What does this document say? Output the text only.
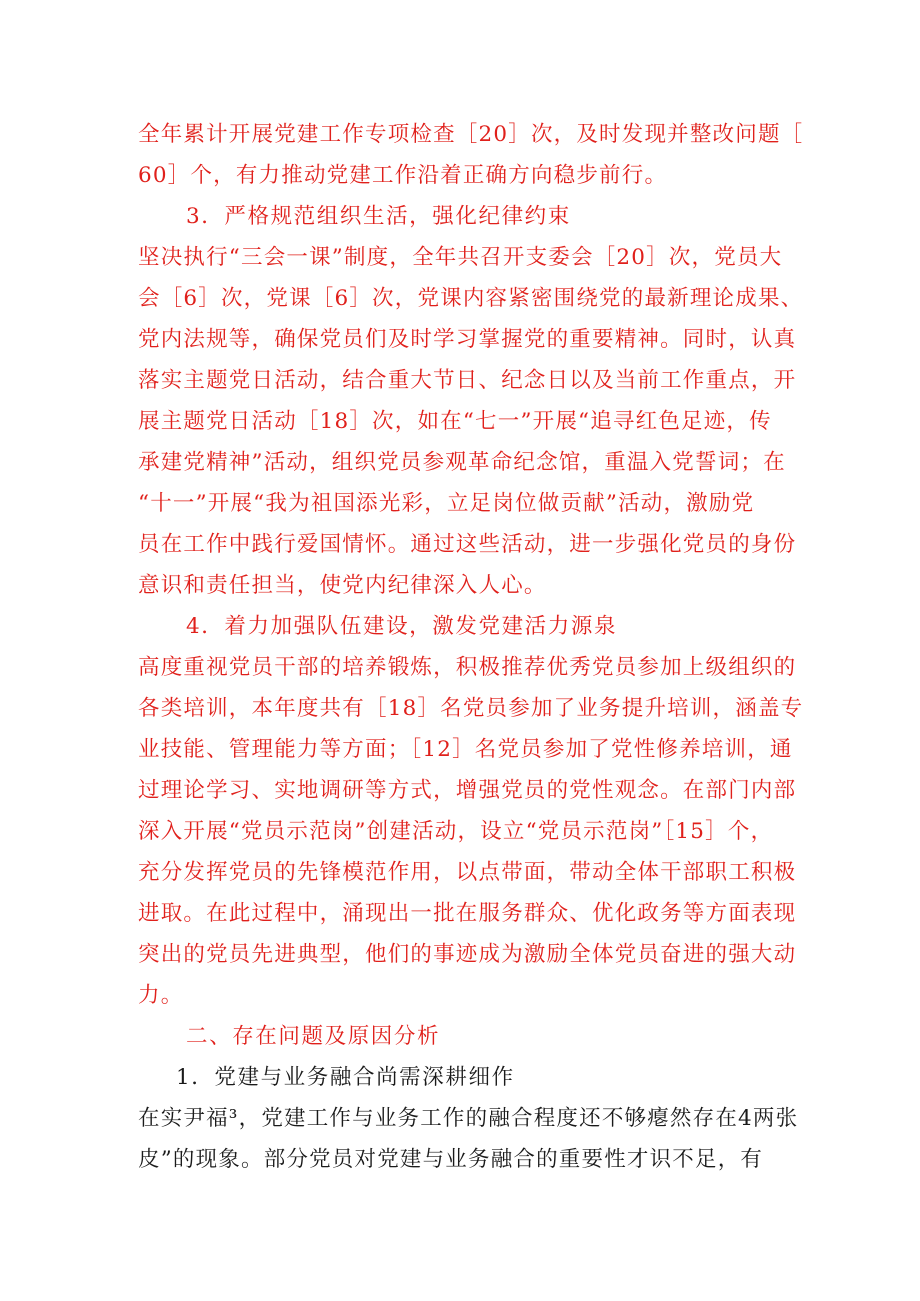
全年累计开展党建工作专项检查［20］次，及时发现并整改问题［
60］个，有力推动党建工作沿着正确方向稳步前行。
3．严格规范组织生活，强化纪律约束
坚决执行“三会一课”制度，全年共召开支委会［20］次，党员大
会［6］次，党课［6］次，党课内容紧密围绕党的最新理论成果、
党内法规等，确保党员们及时学习掌握党的重要精神。同时，认真
落实主题党日活动，结合重大节日、纪念日以及当前工作重点，开
展主题党日活动［18］次，如在“七一”开展“追寻红色足迹，传
承建党精神”活动，组织党员参观革命纪念馆，重温入党誓词；在
“十一”开展“我为祖国添光彩，立足岗位做贡献”活动，激励党
员在工作中践行爱国情怀。通过这些活动，进一步强化党员的身份
意识和责任担当，使党内纪律深入人心。
4．着力加强队伍建设，激发党建活力源泉
高度重视党员干部的培养锻炼，积极推荐优秀党员参加上级组织的
各类培训，本年度共有［18］名党员参加了业务提升培训，涵盖专
业技能、管理能力等方面；［12］名党员参加了党性修养培训，通
过理论学习、实地调研等方式，增强党员的党性观念。在部门内部
深入开展“党员示范岗”创建活动，设立“党员示范岗”［15］个，
充分发挥党员的先锋模范作用，以点带面，带动全体干部职工积极
进取。在此过程中，涌现出一批在服务群众、优化政务等方面表现
突出的党员先进典型，他们的事迹成为激励全体党员奋进的强大动
力。
二、存在问题及原因分析
1．党建与业务融合尚需深耕细作
在实尹福³，党建工作与业务工作的融合程度还不够瘪然存在4两张
皮”的现象。部分党员对党建与业务融合的重要性才识不足，有
